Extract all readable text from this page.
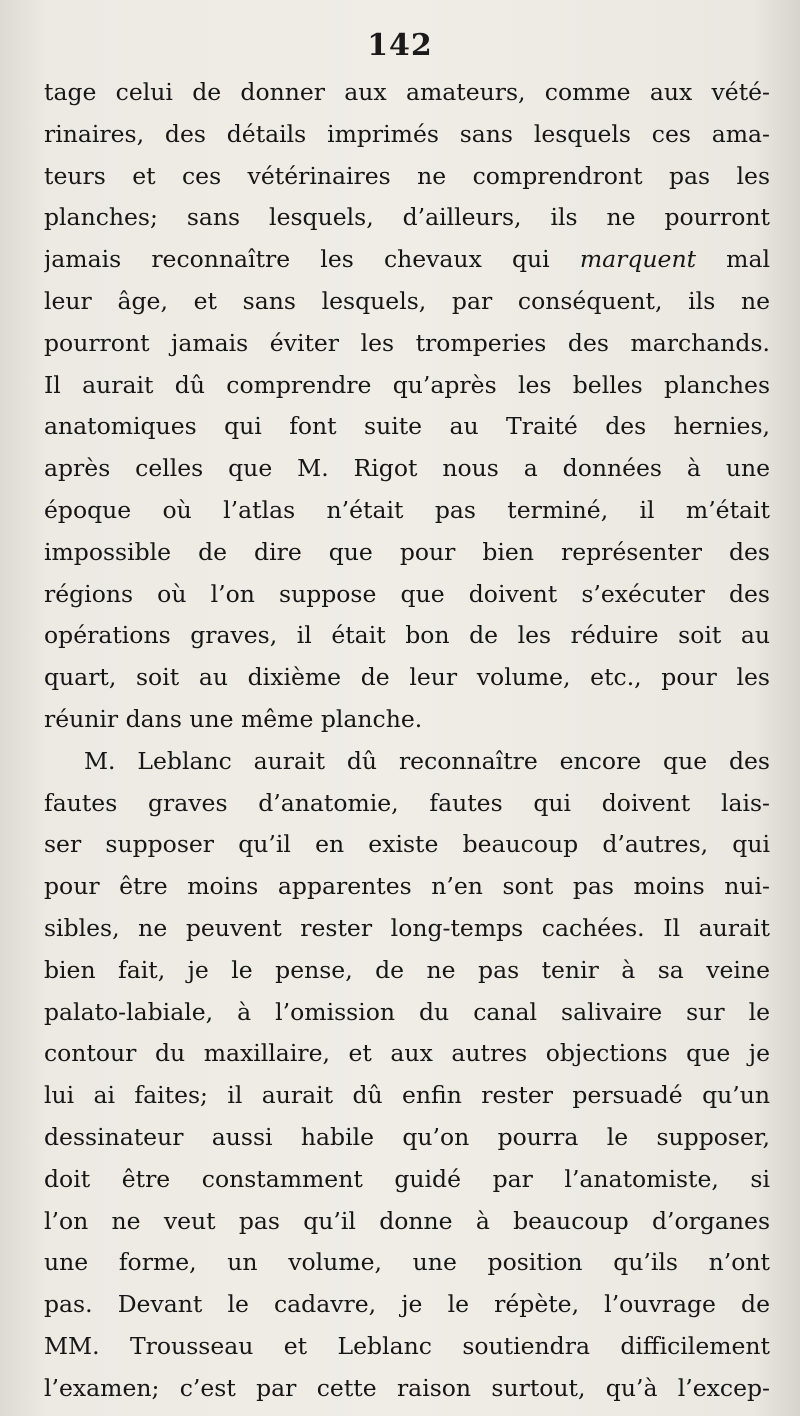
142
tage celui de donner aux amateurs, comme aux vété-
rinaires, des détails imprimés sans lesquels ces ama-
teurs et ces vétérinaires ne comprendront pas les
planches; sans lesquels, d’ailleurs, ils ne pourront
jamais reconnaître les chevaux qui marquent mal
leur âge, et sans lesquels, par conséquent, ils ne
pourront jamais éviter les tromperies des marchands.
Il aurait dû comprendre qu’après les belles planches
anatomiques qui font suite au Traité des hernies,
après celles que M. Rigot nous a données à une
époque où l’atlas n’était pas terminé, il m’était
impossible de dire que pour bien représenter des
régions où l’on suppose que doivent s’exécuter des
opérations graves, il était bon de les réduire soit au
quart, soit au dixième de leur volume, etc., pour les
réunir dans une même planche.
M. Leblanc aurait dû reconnaître encore que des
fautes graves d’anatomie, fautes qui doivent lais-
ser supposer qu’il en existe beaucoup d’autres, qui
pour être moins apparentes n’en sont pas moins nui-
sibles, ne peuvent rester long-temps cachées. Il aurait
bien fait, je le pense, de ne pas tenir à sa veine
palato-labiale, à l’omission du canal salivaire sur le
contour du maxillaire, et aux autres objections que je
lui ai faites; il aurait dû enfin rester persuadé qu’un
dessinateur aussi habile qu’on pourra le supposer,
doit être constamment guidé par l’anatomiste, si
l’on ne veut pas qu’il donne à beaucoup d’organes
une forme, un volume, une position qu’ils n’ont
pas. Devant le cadavre, je le répète, l’ouvrage de
MM. Trousseau et Leblanc soutiendra difficilement
l’examen; c’est par cette raison surtout, qu’à l’excep-
